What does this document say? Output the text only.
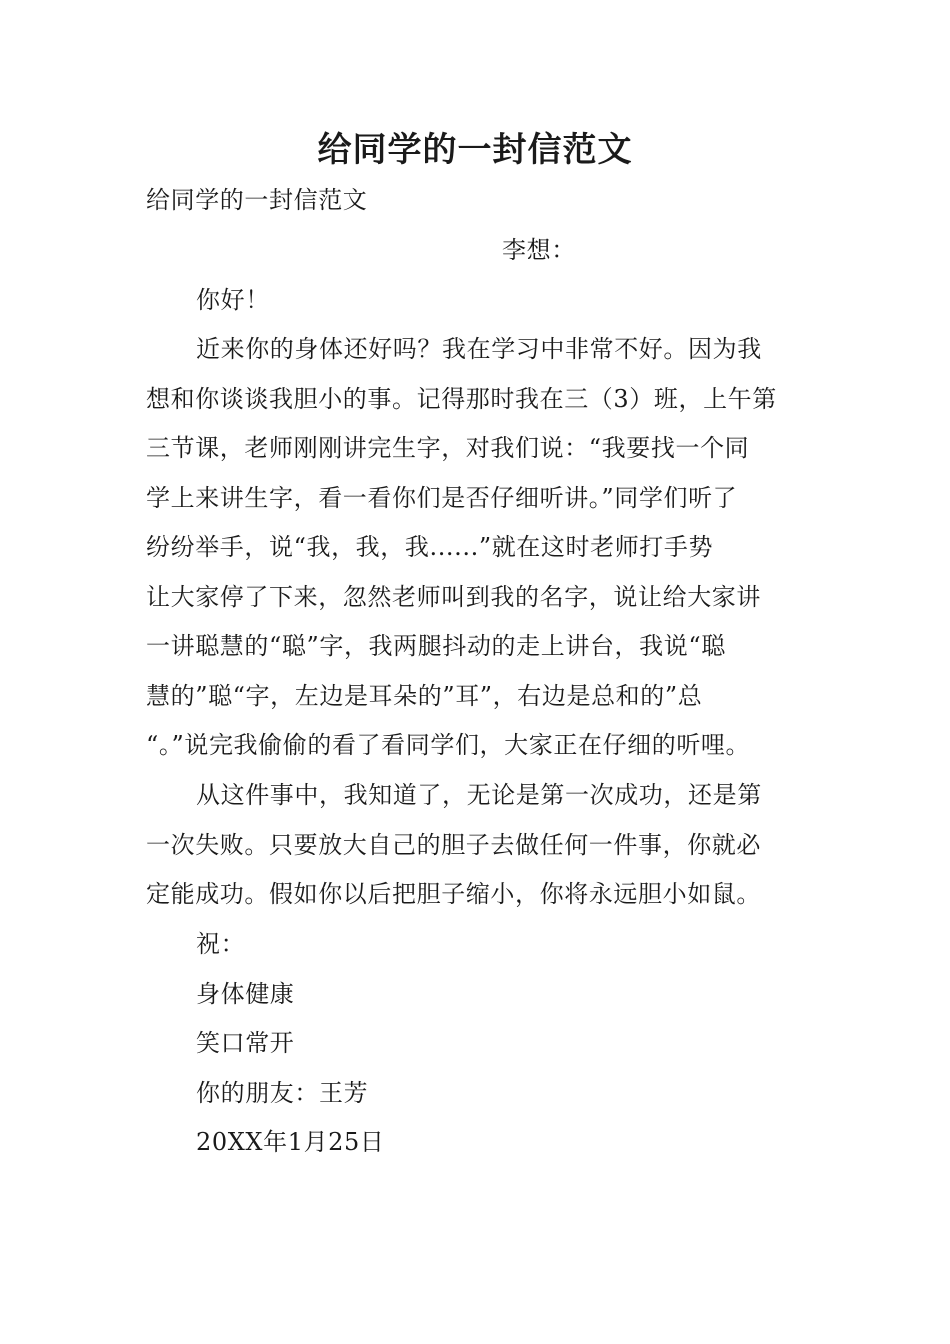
给同学的一封信范文
给同学的一封信范文
李想：
你好！
近来你的身体还好吗？我在学习中非常不好。因为我
想和你谈谈我胆小的事。记得那时我在三（3）班，上午第
三节课，老师刚刚讲完生字，对我们说：“我要找一个同
学上来讲生字，看一看你们是否仔细听讲。”同学们听了
纷纷举手，说“我，我，我......”就在这时老师打手势
让大家停了下来，忽然老师叫到我的名字，说让给大家讲
一讲聪慧的“聪”字，我两腿抖动的走上讲台，我说“聪
慧的”聪“字，左边是耳朵的”耳”，右边是总和的”总
“。”说完我偷偷的看了看同学们，大家正在仔细的听哩。
从这件事中，我知道了，无论是第一次成功，还是第
一次失败。只要放大自己的胆子去做任何一件事，你就必
定能成功。假如你以后把胆子缩小，你将永远胆小如鼠。
祝：
身体健康
笑口常开
你的朋友：王芳
20XX年1月25日
